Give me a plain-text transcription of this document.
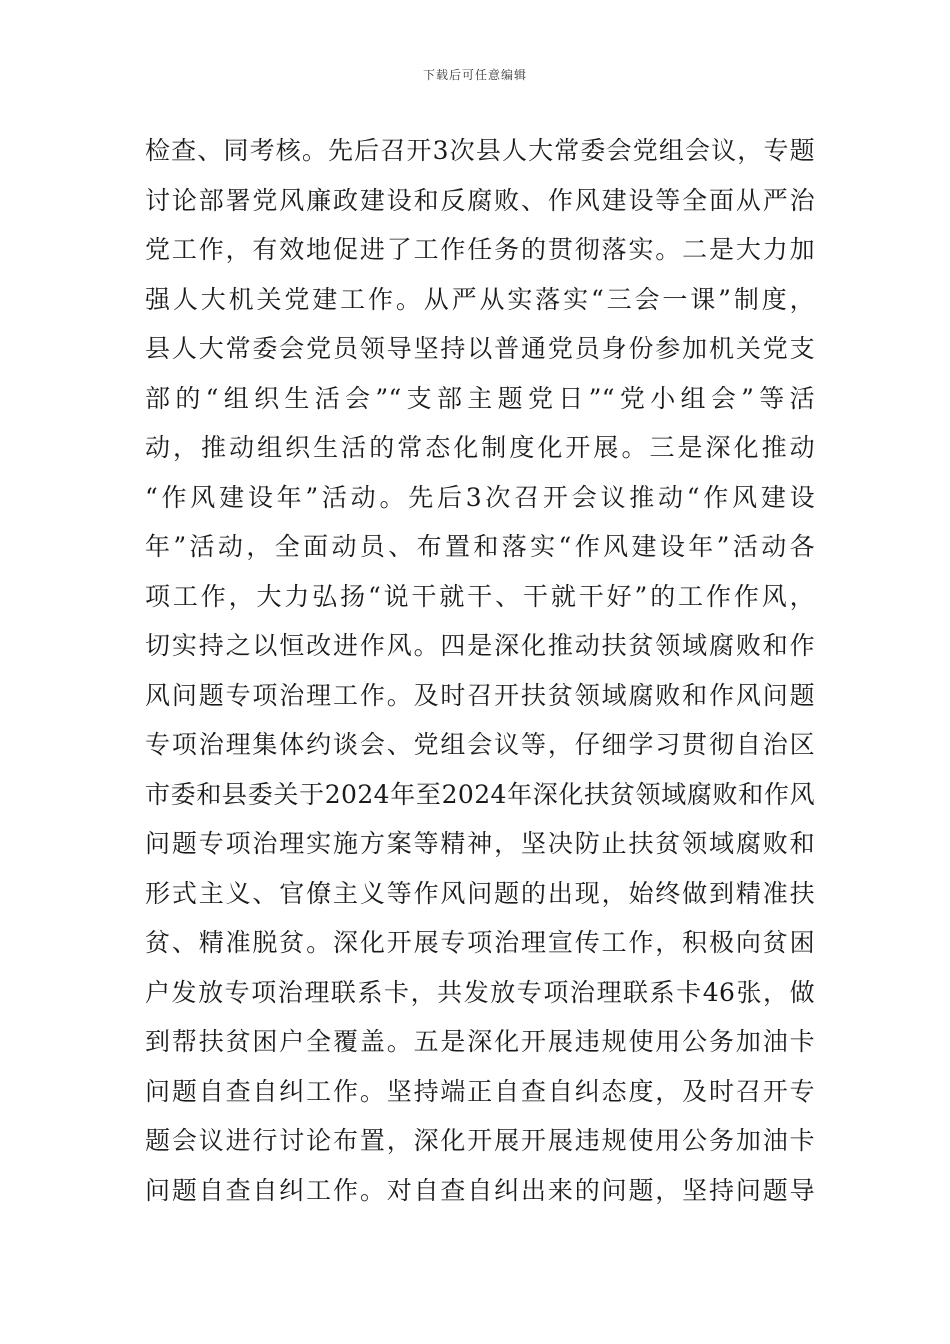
下载后可任意编辑
检查、同考核。先后召开3次县人大常委会党组会议，专题
讨论部署党风廉政建设和反腐败、作风建设等全面从严治
党工作，有效地促进了工作任务的贯彻落实。二是大力加
强人大机关党建工作。从严从实落实“三会一课”制度，
县人大常委会党员领导坚持以普通党员身份参加机关党支
部的“组织生活会”“支部主题党日”“党小组会”等活
动，推动组织生活的常态化制度化开展。三是深化推动
“作风建设年”活动。先后3次召开会议推动“作风建设
年”活动，全面动员、布置和落实“作风建设年”活动各
项工作，大力弘扬“说干就干、干就干好”的工作作风，
切实持之以恒改进作风。四是深化推动扶贫领域腐败和作
风问题专项治理工作。及时召开扶贫领域腐败和作风问题
专项治理集体约谈会、党组会议等，仔细学习贯彻自治区
市委和县委关于2024年至2024年深化扶贫领域腐败和作风
问题专项治理实施方案等精神，坚决防止扶贫领域腐败和
形式主义、官僚主义等作风问题的出现，始终做到精准扶
贫、精准脱贫。深化开展专项治理宣传工作，积极向贫困
户发放专项治理联系卡，共发放专项治理联系卡46张，做
到帮扶贫困户全覆盖。五是深化开展违规使用公务加油卡
问题自查自纠工作。坚持端正自查自纠态度，及时召开专
题会议进行讨论布置，深化开展开展违规使用公务加油卡
问题自查自纠工作。对自查自纠出来的问题，坚持问题导
